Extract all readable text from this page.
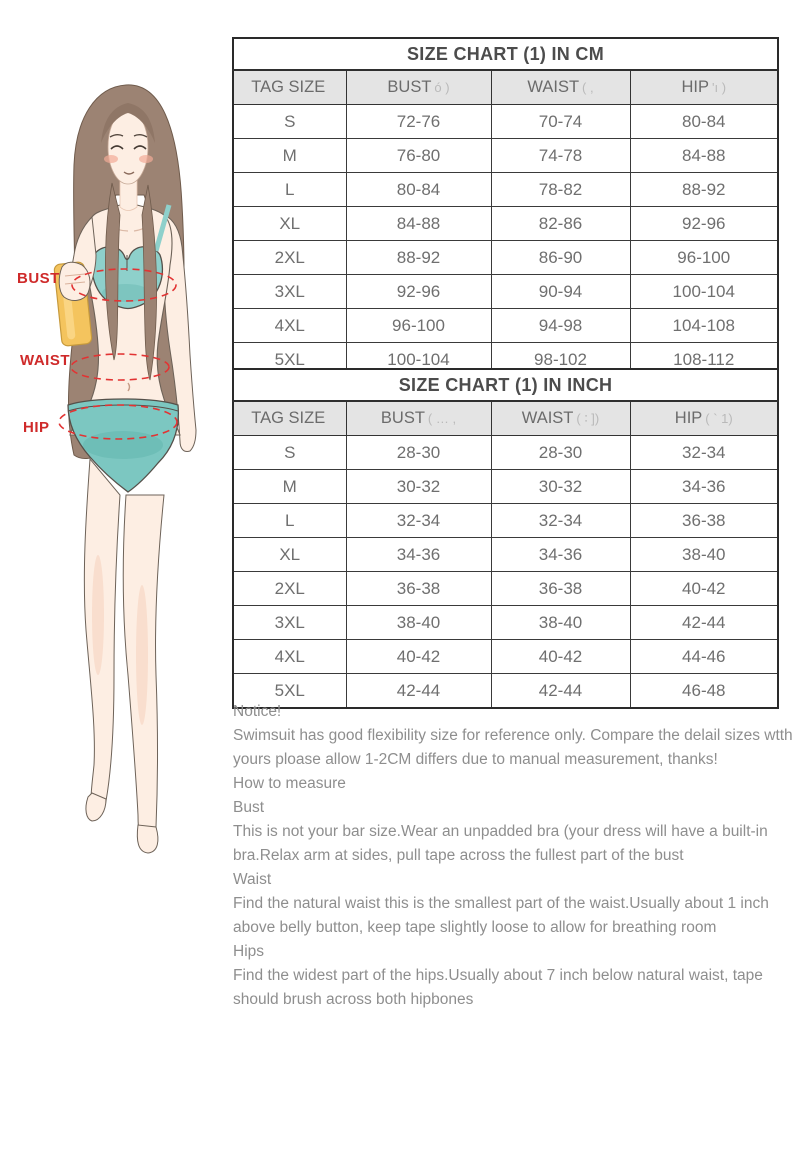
BUST
WAIST
HIP
SIZE CHART (1) IN CM			
TAG SIZE	BUST ó )	WAIST ( ,	HIP 'ı )
S	72-76	70-74	80-84
M	76-80	74-78	84-88
L	80-84	78-82	88-92
XL	84-88	82-86	92-96
2XL	88-92	86-90	96-100
3XL	92-96	90-94	100-104
4XL	96-100	94-98	104-108
5XL	100-104	98-102	108-112
SIZE CHART (1) IN INCH			
TAG SIZE	BUST ( … ,	WAIST ( ∶ ])	HIP ( ` 1)
S	28-30	28-30	32-34
M	30-32	30-32	34-36
L	32-34	32-34	36-38
XL	34-36	34-36	38-40
2XL	36-38	36-38	40-42
3XL	38-40	38-40	42-44
4XL	40-42	40-42	44-46
5XL	42-44	42-44	46-48
Notice!
Swimsuit has good flexibility size for reference only. Compare the delail sizes wtth
yours ploase allow 1-2CM differs due to manual measurement, thanks!
How to measure
Bust
This is not your bar size.Wear an unpadded bra (your dress will have a built-in
bra.Relax arm at sides, pull tape across the fullest part of the bust
Waist
Find the natural waist this is the smallest part of the waist.Usually about 1 inch
above belly button, keep tape slightly loose to allow for breathing room
Hips
Find the widest part of the hips.Usually about 7 inch below natural waist, tape
should brush across both hipbones
